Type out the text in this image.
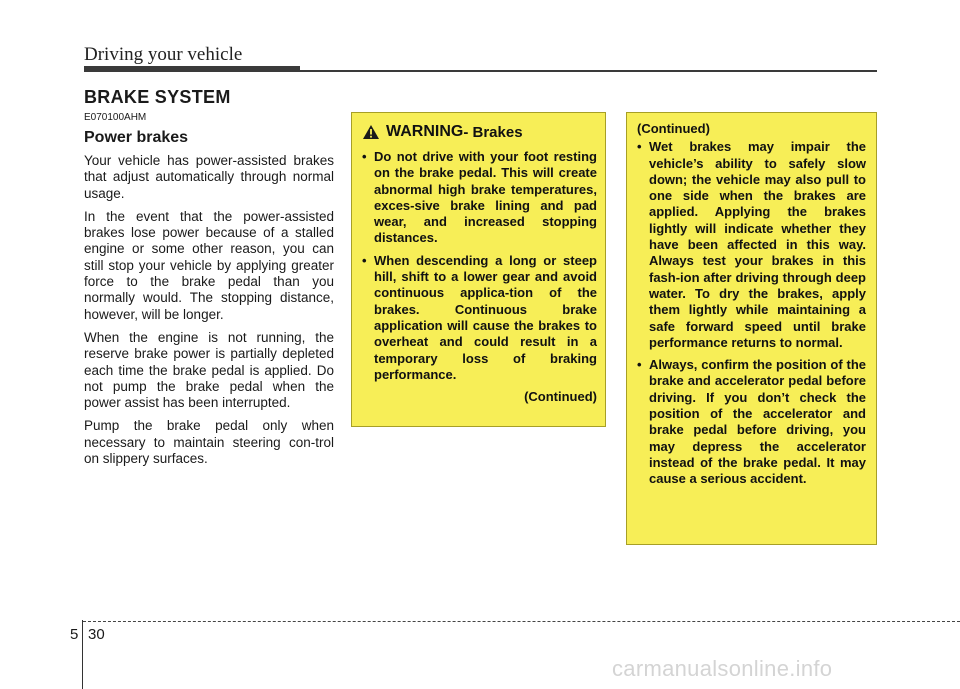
Driving your vehicle
BRAKE SYSTEM
E070100AHM
Power brakes

Your vehicle has power-assisted brakes that adjust automatically through normal usage.

In the event that the power-assisted brakes lose power because of a stalled engine or some other reason, you can still stop your vehicle by applying greater force to the brake pedal than you normally would. The stopping distance, however, will be longer.

When the engine is not running, the reserve brake power is partially depleted each time the brake pedal is applied. Do not pump the brake pedal when the power assist has been interrupted.

Pump the brake pedal only when necessary to maintain steering con-trol on slippery surfaces.

WARNING - Brakes
• Do not drive with your foot resting on the brake pedal. This will create abnormal high brake temperatures, exces-sive brake lining and pad wear, and increased stopping distances.
• When descending a long or steep hill, shift to a lower gear and avoid continuous applica-tion of the brakes. Continuous brake application will cause the brakes to overheat and could result in a temporary loss of braking performance.
(Continued)
(Continued)
• Wet brakes may impair the vehicle’s ability to safely slow down; the vehicle may also pull to one side when the brakes are applied. Applying the brakes lightly will indicate whether they have been affected in this way. Always test your brakes in this fash-ion after driving through deep water. To dry the brakes, apply them lightly while maintaining a safe forward speed until brake performance returns to normal.
• Always, confirm the position of the brake and accelerator pedal before driving. If you don’t check the position of the accelerator and brake pedal before driving, you may depress the accelerator instead of the brake pedal. It may cause a serious accident.
5 30
carmanualsonline.info
